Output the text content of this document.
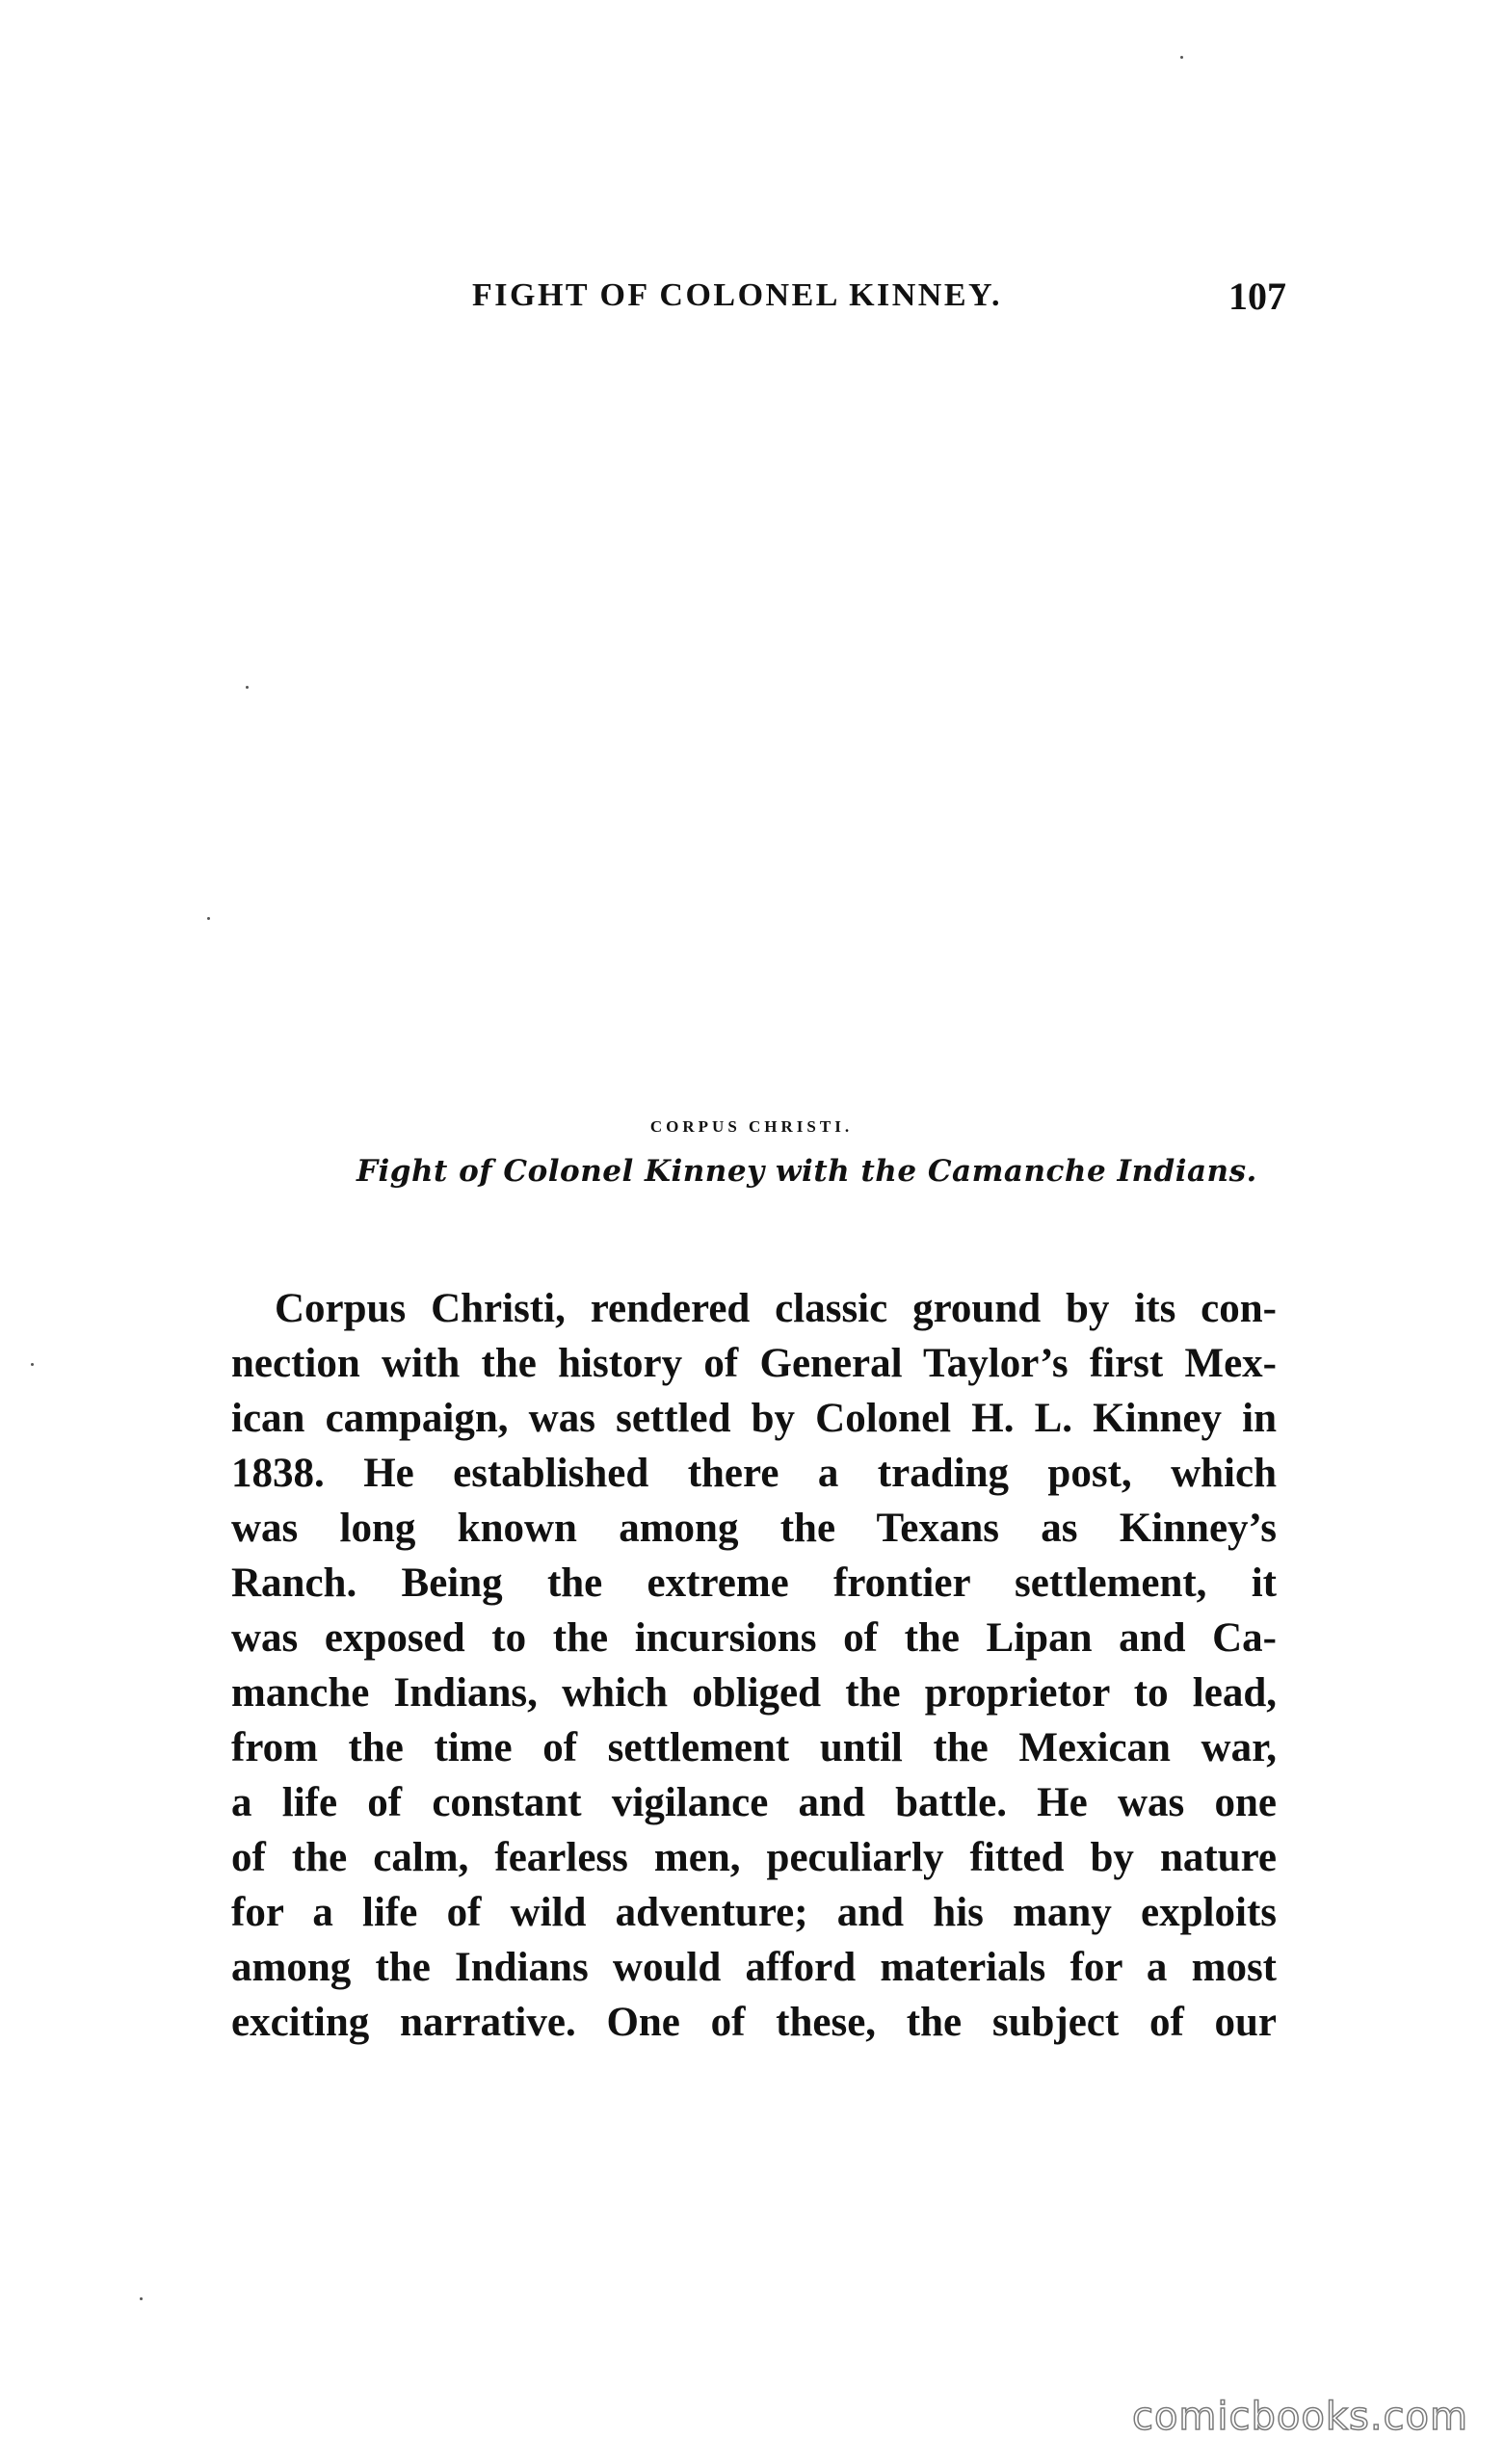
FIGHT OF COLONEL KINNEY.	107
CORPUS CHRISTI.
Fight of Colonel Kinney with the Camanche Indians.
Corpus Christi, rendered classic ground by its con-
nection with the history of General Taylor’s first Mex-
ican campaign, was settled by Colonel H. L. Kinney in
1838. He established there a trading post, which
was long known among the Texans as Kinney’s
Ranch. Being the extreme frontier settlement, it
was exposed to the incursions of the Lipan and Ca-
manche Indians, which obliged the proprietor to lead,
from the time of settlement until the Mexican war,
a life of constant vigilance and battle. He was one
of the calm, fearless men, peculiarly fitted by nature
for a life of wild adventure; and his many exploits
among the Indians would afford materials for a most
exciting narrative. One of these, the subject of our
comicbooks.com
